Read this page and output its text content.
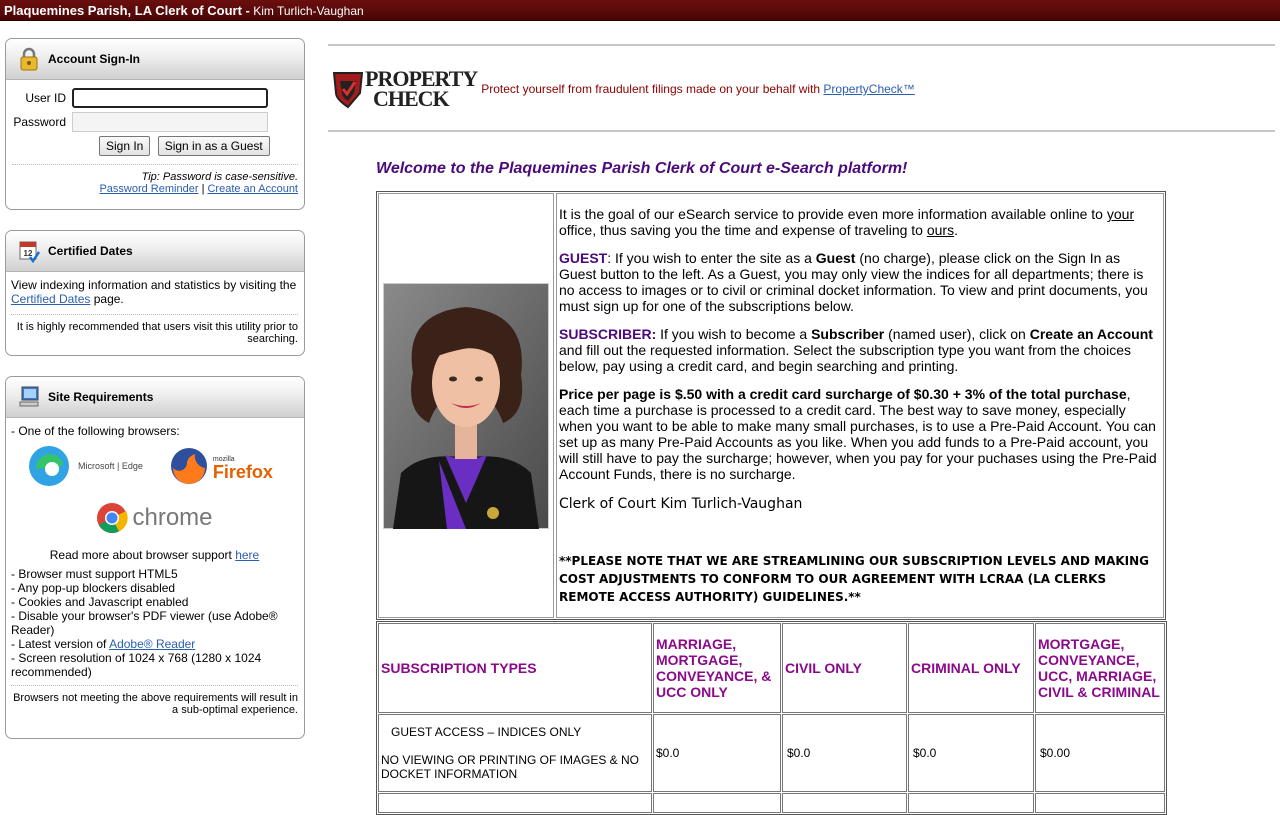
Plaquemines Parish, LA Clerk of Court - Kim Turlich-Vaughan
Account Sign-In
User ID
Password
Sign In Sign in as a Guest
Tip: Password is case-sensitive.
Password Reminder | Create an Account
12 Certified Dates
View indexing information and statistics by visiting the Certified Dates page.
It is highly recommended that users visit this utility prior to searching.
Site Requirements
- One of the following browsers:
Microsoft | Edge
mozilla
Firefox
chrome
Read more about browser support here
- Browser must support HTML5
- Any pop-up blockers disabled
- Cookies and Javascript enabled
- Disable your browser's PDF viewer (use Adobe® Reader)
- Latest version of Adobe® Reader
- Screen resolution of 1024 x 768 (1280 x 1024 recommended)
Browsers not meeting the above requirements will result in a sub-optimal experience.
PROPERTY
CHECK	Protect yourself from fraudulent filings made on your behalf with PropertyCheck™
Welcome to the Plaquemines Parish Clerk of Court e-Search platform!

It is the goal of our eSearch service to provide even more information available online to your office, thus saving you the time and expense of traveling to ours.

GUEST: If you wish to enter the site as a Guest (no charge), please click on the Sign In as Guest button to the left. As a Guest, you may only view the indices for all departments; there is no access to images or to civil or criminal docket information. To view and print documents, you must sign up for one of the subscriptions below.

SUBSCRIBER: If you wish to become a Subscriber (named user), click on Create an Account and fill out the requested information. Select the subscription type you want from the choices below, pay using a credit card, and begin searching and printing.

Price per page is $.50 with a credit card surcharge of $0.30 + 3% of the total purchase, each time a purchase is processed to a credit card. The best way to save money, especially when you want to be able to make many small purchases, is to use a Pre-Paid Account. You can set up as many Pre-Paid Accounts as you like. When you add funds to a Pre-Paid account, you will still have to pay the surcharge; however, when you pay for your puchases using the Pre-Paid Account Funds, there is no surcharge.

Clerk of Court Kim Turlich-Vaughan
**PLEASE NOTE THAT WE ARE STREAMLINING OUR SUBSCRIPTION LEVELS AND MAKING COST ADJUSTMENTS TO CONFORM TO OUR AGREEMENT WITH LCRAA (LA CLERKS REMOTE ACCESS AUTHORITY) GUIDELINES.**
SUBSCRIPTION TYPES	MARRIAGE, MORTGAGE, CONVEYANCE, & UCC ONLY	CIVIL ONLY	CRIMINAL ONLY	MORTGAGE, CONVEYANCE, UCC, MARRIAGE, CIVIL & CRIMINAL

GUEST ACCESS – INDICES ONLY
NO VIEWING OR PRINTING OF IMAGES & NO DOCKET INFORMATION	$0.0	$0.0	$0.0	$0.00
